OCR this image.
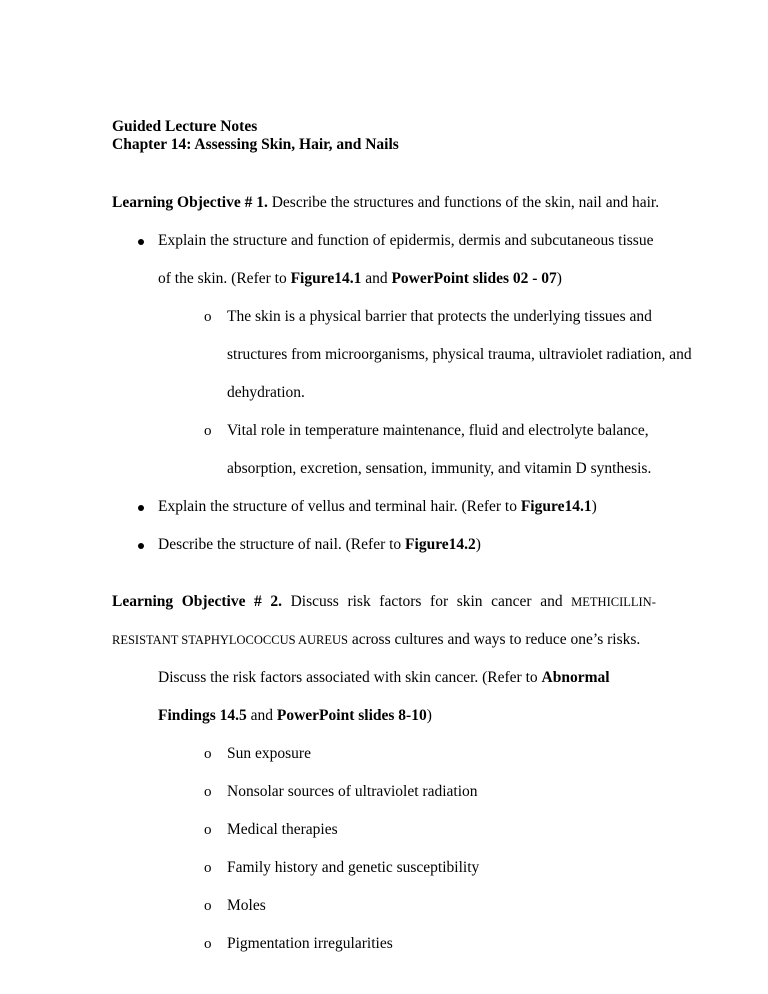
Guided Lecture Notes
Chapter 14: Assessing Skin, Hair, and Nails
Learning Objective # 1. Describe the structures and functions of the skin, nail and hair.
Explain the structure and function of epidermis, dermis and subcutaneous tissue
of the skin. (Refer to Figure14.1 and PowerPoint slides 02 - 07)
o The skin is a physical barrier that protects the underlying tissues and
structures from microorganisms, physical trauma, ultraviolet radiation, and
dehydration.
o Vital role in temperature maintenance, fluid and electrolyte balance,
absorption, excretion, sensation, immunity, and vitamin D synthesis.
Explain the structure of vellus and terminal hair. (Refer to Figure14.1)
Describe the structure of nail. (Refer to Figure14.2)
Learning Objective # 2. Discuss risk factors for skin cancer and METHICILLIN-
RESISTANT STAPHYLOCOCCUS AUREUS across cultures and ways to reduce one’s risks.
Discuss the risk factors associated with skin cancer. (Refer to Abnormal
Findings 14.5 and PowerPoint slides 8-10)
o Sun exposure
o Nonsolar sources of ultraviolet radiation
o Medical therapies
o Family history and genetic susceptibility
o Moles
o Pigmentation irregularities
